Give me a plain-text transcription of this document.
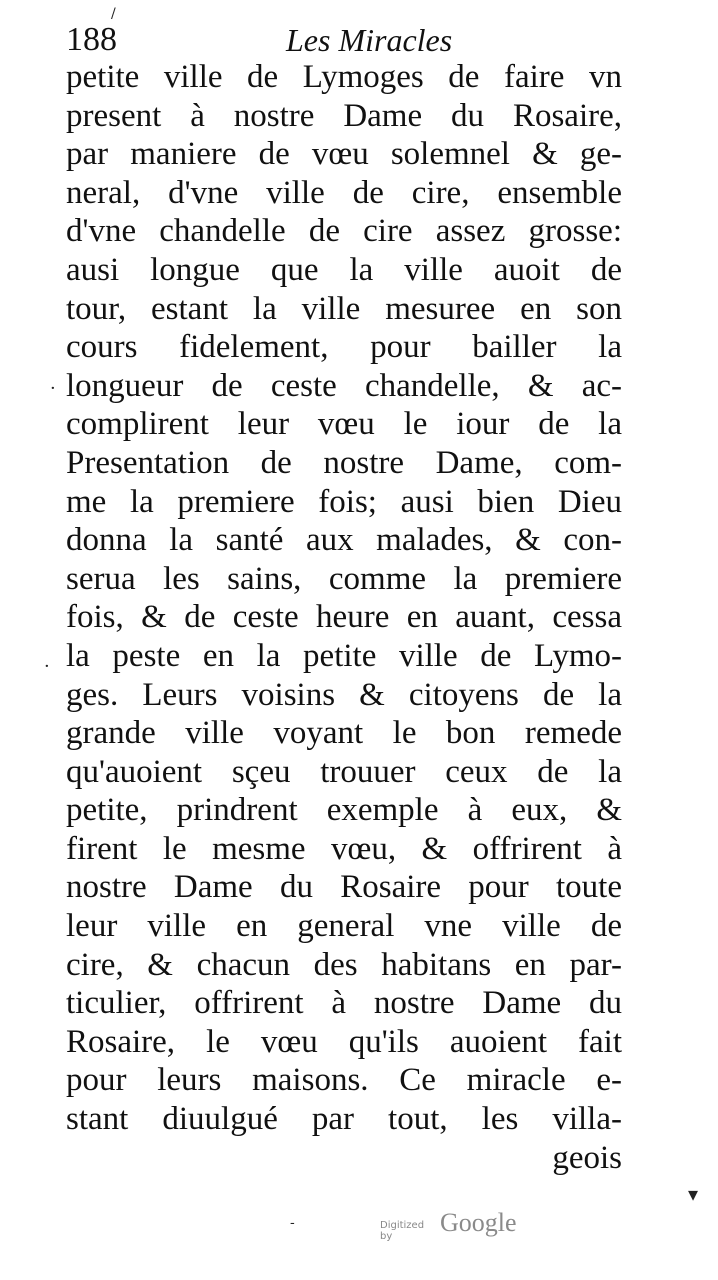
188	Les Miracles
petite ville de Lymoges de faire vn
present à nostre Dame du Rosaire,
par maniere de vœu solemnel & ge-
neral, d'vne ville de cire, ensemble
d'vne chandelle de cire assez grosse:
ausi longue que la ville auoit de
tour, estant la ville mesuree en son
cours fidelement, pour bailler la
longueur de ceste chandelle, & ac-
complirent leur vœu le iour de la
Presentation de nostre Dame, com-
me la premiere fois; ausi bien Dieu
donna la santé aux malades, & con-
serua les sains, comme la premiere
fois, & de ceste heure en auant, cessa
la peste en la petite ville de Lymo-
ges. Leurs voisins & citoyens de la
grande ville voyant le bon remede
qu'auoient sçeu trouuer ceux de la
petite, prindrent exemple à eux, &
firent le mesme vœu, & offrirent à
nostre Dame du Rosaire pour toute
leur ville en general vne ville de
cire, & chacun des habitans en par-
ticulier, offrirent à nostre Dame du
Rosaire, le vœu qu'ils auoient fait
pour leurs maisons. Ce miracle e-
stant diuulgué par tout, les villa-
geois
·
·
▾
-
/
Digitized by	Google
